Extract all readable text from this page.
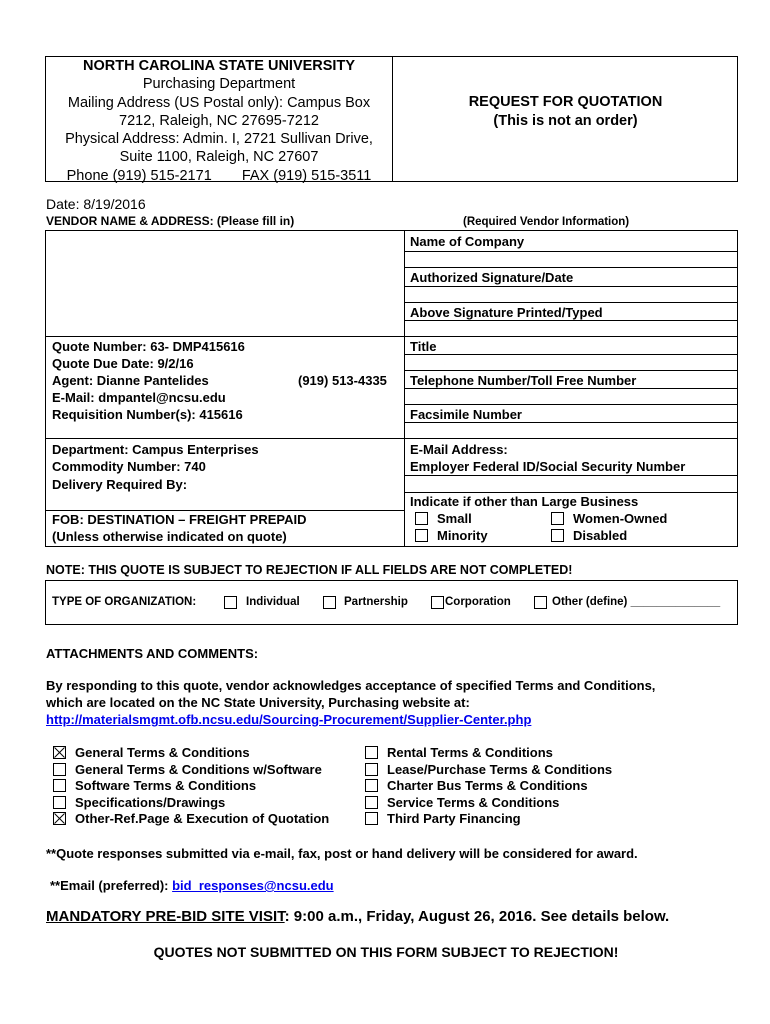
NORTH CAROLINA STATE UNIVERSITY
Purchasing Department
Mailing Address (US Postal only): Campus Box
7212, Raleigh, NC 27695-7212
Physical Address: Admin. I, 2721 Sullivan Drive,
Suite 1100, Raleigh, NC 27607
Phone (919) 515-2171 FAX (919) 515-3511
REQUEST FOR QUOTATION
(This is not an order)
Date: 8/19/2016
VENDOR NAME & ADDRESS: (Please fill in)	(Required Vendor Information)
Name of Company
Authorized Signature/Date
Above Signature Printed/Typed
Title
Telephone Number/Toll Free Number
Facsimile Number
E-Mail Address:
Employer Federal ID/Social Security Number
Indicate if other than Large Business
Small	Women-Owned
Minority	Disabled
Quote Number: 63- DMP415616
Quote Due Date: 9/2/16
Agent: Dianne Pantelides	(919) 513-4335
E-Mail: dmpantel@ncsu.edu
Requisition Number(s): 415616
Department: Campus Enterprises
Commodity Number: 740
Delivery Required By:
FOB: DESTINATION – FREIGHT PREPAID
(Unless otherwise indicated on quote)
NOTE: THIS QUOTE IS SUBJECT TO REJECTION IF ALL FIELDS ARE NOT COMPLETED!
TYPE OF ORGANIZATION:	Individual	Partnership	Corporation	Other (define) ______________
ATTACHMENTS AND COMMENTS:
By responding to this quote, vendor acknowledges acceptance of specified Terms and Conditions,
which are located on the NC State University, Purchasing website at:
http://materialsmgmt.ofb.ncsu.edu/Sourcing-Procurement/Supplier-Center.php
General Terms & Conditions
General Terms & Conditions w/Software
Software Terms & Conditions
Specifications/Drawings
Other-Ref.Page & Execution of Quotation
Rental Terms & Conditions
Lease/Purchase Terms & Conditions
Charter Bus Terms & Conditions
Service Terms & Conditions
Third Party Financing
**Quote responses submitted via e-mail, fax, post or hand delivery will be considered for award.
**Email (preferred): bid_responses@ncsu.edu
MANDATORY PRE-BID SITE VISIT: 9:00 a.m., Friday, August 26, 2016. See details below.
QUOTES NOT SUBMITTED ON THIS FORM SUBJECT TO REJECTION!
